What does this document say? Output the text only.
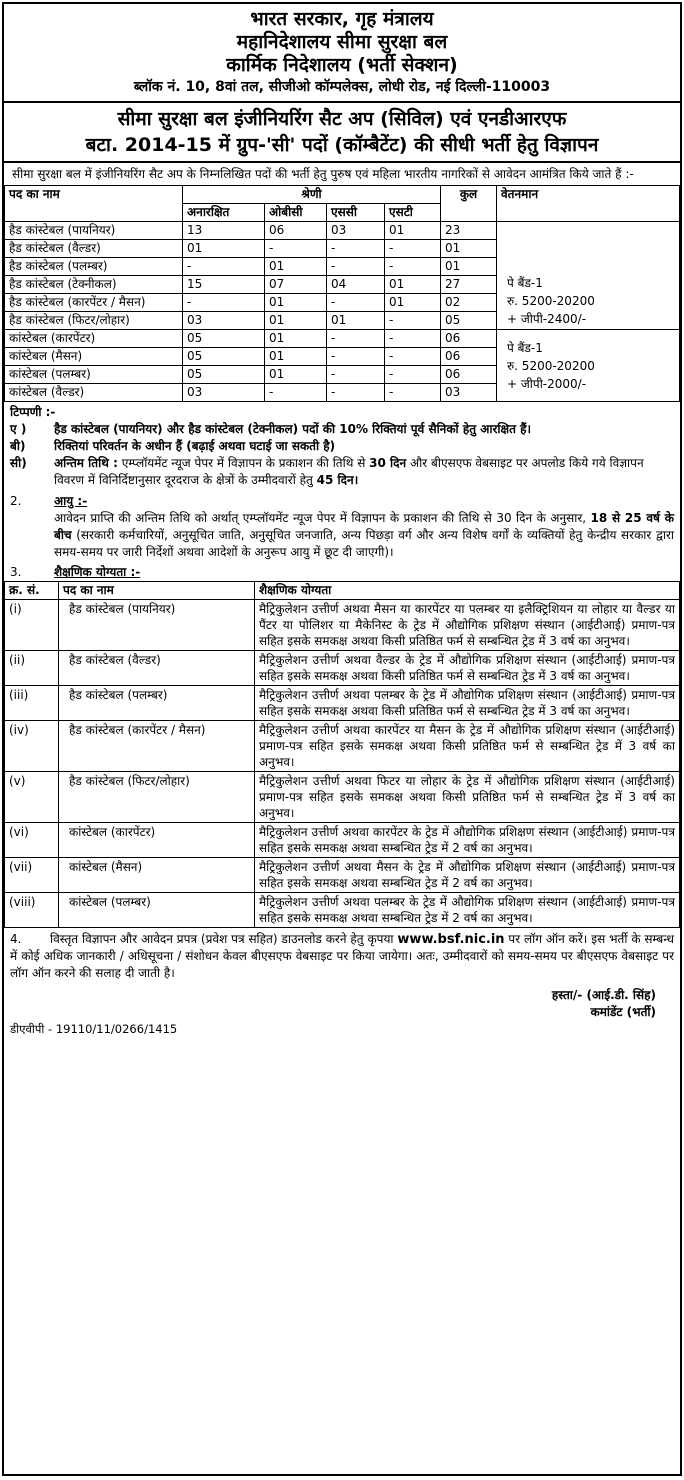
भारत सरकार, गृह मंत्रालय
महानिदेशालय सीमा सुरक्षा बल
कार्मिक निदेशालय (भर्ती सेक्शन)
ब्लॉक नं. 10, 8वां तल, सीजीओ कॉम्पलेक्स, लोधी रोड, नई दिल्ली-110003
सीमा सुरक्षा बल इंजीनियरिंग सैट अप (सिविल) एवं एनडीआरएफ
बटा. 2014-15 में ग्रुप-'सी' पदों (कॉम्बैटेंट) की सीधी भर्ती हेतु विज्ञापन
सीमा सुरक्षा बल में इंजीनियरिंग सैट अप के निम्नलिखित पदों की भर्ती हेतु पुरुष एवं महिला भारतीय नागरिकों से आवेदन आमंत्रित किये जाते हैं :-
पद का नाम	श्रेणी				कुल	वेतनमान
	अनारक्षित	ओबीसी	एससी	एसटी		
हैड कांस्टेबल (पायनियर)	13	06	03	01	23	पे बैंड-1
रु. 5200-20200
+ जीपी-2400/-

हैड कांस्टेबल (वैल्डर)	01	-	-	-	01	
हैड कांस्टेबल (पलम्बर)	-	01	-	-	01	
हैड कांस्टेबल (टेक्नीकल)	15	07	04	01	27	
हैड कांस्टेबल (कारपेंटर / मैसन)	-	01	-	01	02	
हैड कांस्टेबल (फिटर/लोहार)	03	01	01	-	05	
कांस्टेबल (कारपेंटर)	05	01	-	-	06	पे बैंड-1
रु. 5200-20200
+ जीपी-2000/-

कांस्टेबल (मैसन)	05	01	-	-	06	
कांस्टेबल (पलम्बर)	05	01	-	-	06	
कांस्टेबल (वैल्डर)	03	-	-	-	03	
टिप्पणी :-
ए )	हैड कांस्टेबल (पायनियर) और हैड कांस्टेबल (टेक्नीकल) पदों की 10% रिक्तियां पूर्व सैनिकों हेतु आरक्षित हैं।
बी)	रिक्तियां परिवर्तन के अधीन हैं (बढ़ाई अथवा घटाई जा सकती है)
सी)	अन्तिम तिथि : एम्प्लॉयमेंट न्यूज पेपर में विज्ञापन के प्रकाशन की तिथि से 30 दिन और बीएसएफ वेबसाइट पर अपलोड किये गये विज्ञापन विवरण में विनिर्दिष्टानुसार दूरदराज के क्षेत्रों के उम्मीदवारों हेतु 45 दिन।
2.	आयु :-
आवेदन प्राप्ति की अन्तिम तिथि को अर्थात् एम्प्लॉयमेंट न्यूज पेपर में विज्ञापन के प्रकाशन की तिथि से 30 दिन के अनुसार, 18 से 25 वर्ष के बीच (सरकारी कर्मचारियों, अनुसूचित जाति, अनुसूचित जनजाति, अन्य पिछड़ा वर्ग और अन्य विशेष वर्गों के व्यक्तियों हेतु केन्द्रीय सरकार द्वारा समय-समय पर जारी निर्देशों अथवा आदेशों के अनुरूप आयु में छूट दी जाएगी)।
3.	शैक्षणिक योग्यता :-
क्र. सं.	पद का नाम	शैक्षणिक योग्यता
(i)	हैड कांस्टेबल (पायनियर)	मैट्रिकुलेशन उत्तीर्ण अथवा मैसन या कारपेंटर या पलम्बर या इलैक्ट्रिशियन या लोहार या वैल्डर या पैंटर या पोलिशर या मैकेनिस्ट के ट्रेड में औद्योगिक प्रशिक्षण संस्थान (आईटीआई) प्रमाण-पत्र सहित इसके समकक्ष अथवा किसी प्रतिष्ठित फर्म से सम्बन्धित ट्रेड में 3 वर्ष का अनुभव।
(ii)	हैड कांस्टेबल (वैल्डर)	मैट्रिकुलेशन उत्तीर्ण अथवा वैल्डर के ट्रेड में औद्योगिक प्रशिक्षण संस्थान (आईटीआई) प्रमाण-पत्र सहित इसके समकक्ष अथवा किसी प्रतिष्ठित फर्म से सम्बन्धित ट्रेड में 3 वर्ष का अनुभव।
(iii)	हैड कांस्टेबल (पलम्बर)	मैट्रिकुलेशन उत्तीर्ण अथवा पलम्बर के ट्रेड में औद्योगिक प्रशिक्षण संस्थान (आईटीआई) प्रमाण-पत्र सहित इसके समकक्ष अथवा किसी प्रतिष्ठित फर्म से सम्बन्धित ट्रेड में 3 वर्ष का अनुभव।
(iv)	हैड कांस्टेबल (कारपेंटर / मैसन)	मैट्रिकुलेशन उत्तीर्ण अथवा कारपेंटर या मैसन के ट्रेड में औद्योगिक प्रशिक्षण संस्थान (आईटीआई) प्रमाण-पत्र सहित इसके समकक्ष अथवा किसी प्रतिष्ठित फर्म से सम्बन्धित ट्रेड में 3 वर्ष का अनुभव।
(v)	हैड कांस्टेबल (फिटर/लोहार)	मैट्रिकुलेशन उत्तीर्ण अथवा फिटर या लोहार के ट्रेड में औद्योगिक प्रशिक्षण संस्थान (आईटीआई) प्रमाण-पत्र सहित इसके समकक्ष अथवा किसी प्रतिष्ठित फर्म से सम्बन्धित ट्रेड में 3 वर्ष का अनुभव।
(vi)	कांस्टेबल (कारपेंटर)	मैट्रिकुलेशन उत्तीर्ण अथवा कारपेंटर के ट्रेड में औद्योगिक प्रशिक्षण संस्थान (आईटीआई) प्रमाण-पत्र सहित इसके समकक्ष अथवा सम्बन्धित ट्रेड में 2 वर्ष का अनुभव।
(vii)	कांस्टेबल (मैसन)	मैट्रिकुलेशन उत्तीर्ण अथवा मैसन के ट्रेड में औद्योगिक प्रशिक्षण संस्थान (आईटीआई) प्रमाण-पत्र सहित इसके समकक्ष अथवा सम्बन्धित ट्रेड में 2 वर्ष का अनुभव।
(viii)	कांस्टेबल (पलम्बर)	मैट्रिकुलेशन उत्तीर्ण अथवा पलम्बर के ट्रेड में औद्योगिक प्रशिक्षण संस्थान (आईटीआई) प्रमाण-पत्र सहित इसके समकक्ष अथवा सम्बन्धित ट्रेड में 2 वर्ष का अनुभव।
4. विस्तृत विज्ञापन और आवेदन प्रपत्र (प्रवेश पत्र सहित) डाउनलोड करने हेतु कृपया www.bsf.nic.in पर लॉग ऑन करें। इस भर्ती के सम्बन्ध में कोई अधिक जानकारी / अधिसूचना / संशोधन केवल बीएसएफ वेबसाइट पर किया जायेगा। अतः, उम्मीदवारों को समय-समय पर बीएसएफ वेबसाइट पर लॉग ऑन करने की सलाह दी जाती है।
हस्ता/- (आई.डी. सिंह)
कमांडेंट (भर्ती)
डीएवीपी - 19110/11/0266/1415
